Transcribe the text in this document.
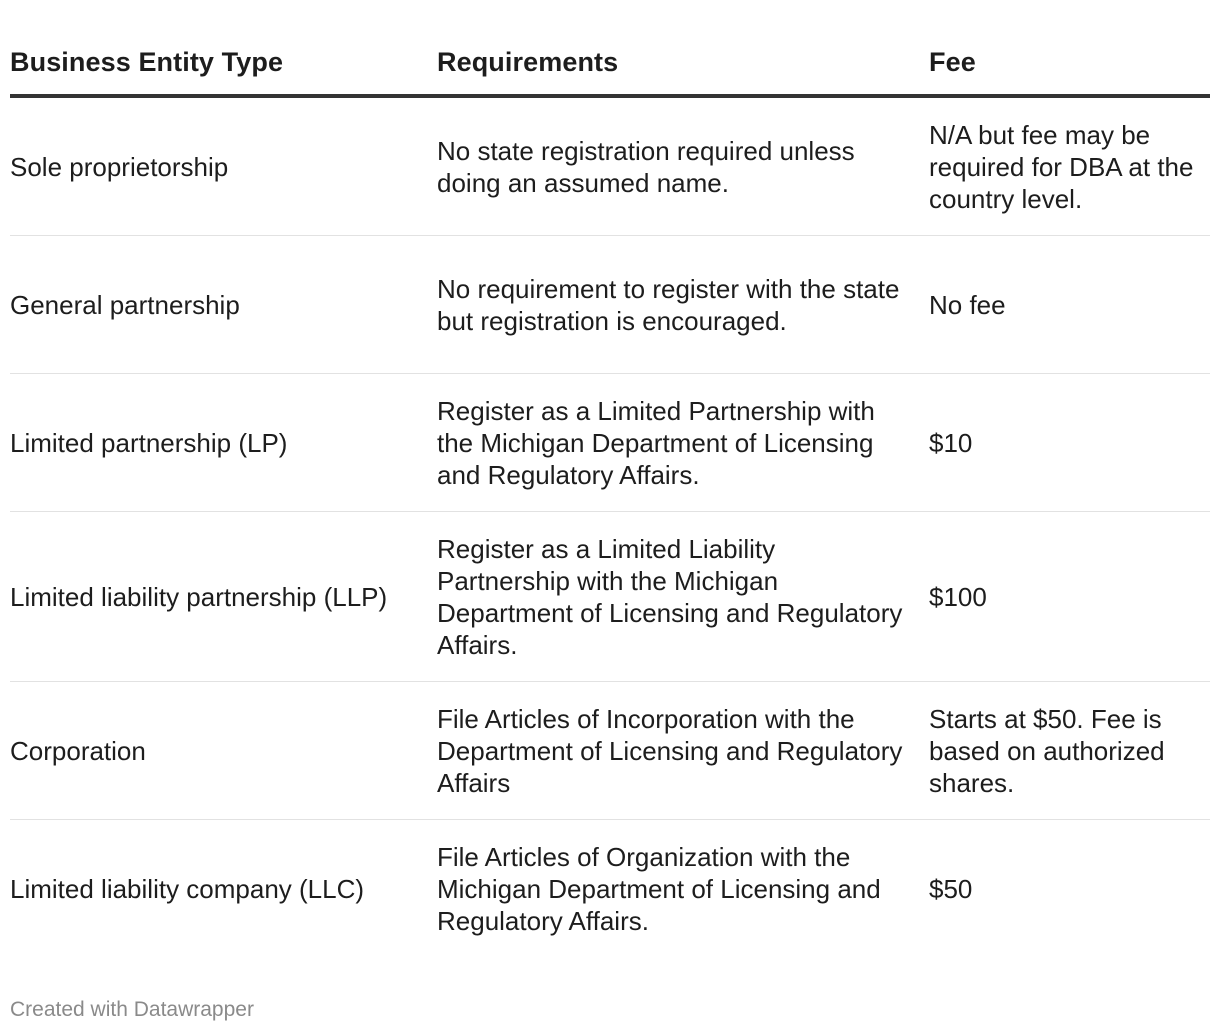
Business Entity Type	Requirements	Fee
Sole proprietorship
No state registration required unless doing an assumed name.
N/A but fee may be required for DBA at the country level.
General partnership
No requirement to register with the state but registration is encouraged.
No fee
Limited partnership (LP)
Register as a Limited Partnership with the Michigan Department of Licensing and Regulatory Affairs.
$10
Limited liability partnership (LLP)
Register as a Limited Liability Partnership with the Michigan Department of Licensing and Regulatory Affairs.
$100
Corporation
File Articles of Incorporation with the Department of Licensing and Regulatory Affairs
Starts at $50. Fee is based on authorized shares.
Limited liability company (LLC)
File Articles of Organization with the Michigan Department of Licensing and Regulatory Affairs.
$50
Created with Datawrapper
